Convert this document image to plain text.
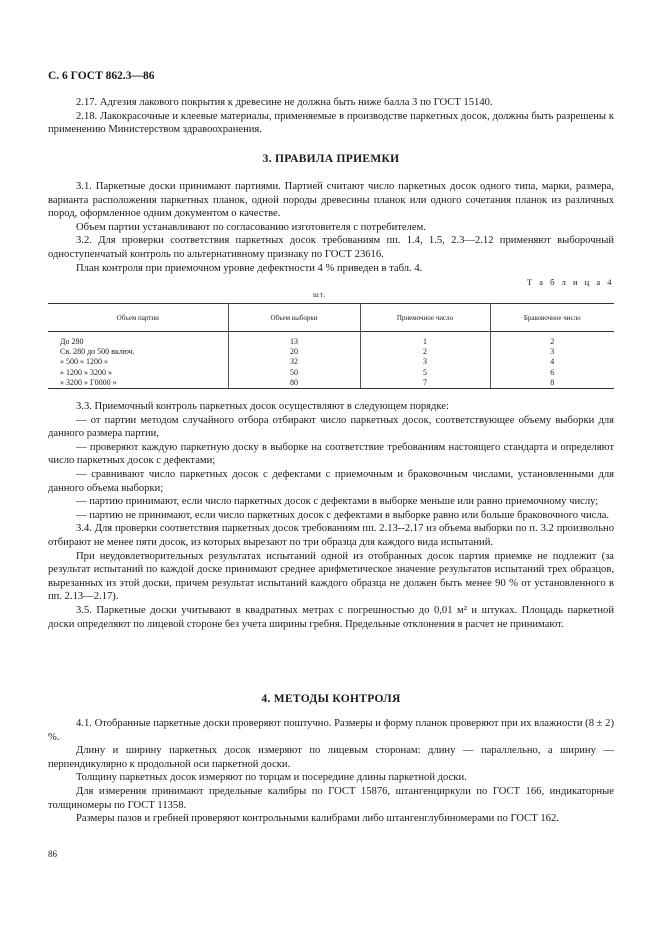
С. 6 ГОСТ 862.3—86

2.17. Адгезия лакового покрытия к древесине не должна быть ниже балла 3 по ГОСТ 15140.

2.18. Лакокрасочные и клеевые материалы, применяемые в производстве паркетных досок, должны быть разрешены к применению Министерством здравоохранения.

3. ПРАВИЛА ПРИЕМКИ

3.1. Паркетные доски принимают партиями. Партией считают число паркетных досок одного типа, марки, размера, варианта расположения паркетных планок, одной породы древесины планок или одного сочетания планок из различных пород, оформленное одним документом о качестве.

Объем партии устанавливают по согласованию изготовителя с потребителем.

3.2. Для проверки соответствия паркетных досок требованиям пп. 1.4, 1.5, 2.3—2.12 применяют выборочный одноступенчатый контроль по альтернативному признаку по ГОСТ 23616.

План контроля при приемочном уровне дефектности 4 % приведен в табл. 4.

Т а б л и ц а 4
шт.
Объем партии	Объем выборки	Приемочное число	Браковочное число
До 280	13	1	2
Св. 280 до 500 включ.	20	2	3
» 500 » 1200 »	32	3	4
» 1200 » 3200 »	50	5	6
» 3200 » Г0000 »	80	7	8

3.3. Приемочный контроль паркетных досок осуществляют в следующем порядке:

— от партии методом случайного отбора отбирают число паркетных досок, соответствующее объему выборки для данного размера партии,

— проверяют каждую паркетную доску в выборке на соответствие требованиям настоящего стандарта и определяют число паркетных досок с дефектами;

— сравнивают число паркетных досок с дефектами с приемочным и браковочным числами, установленными для данного объема выборки;

— партию принимают, если число паркетных досок с дефектами в выборке меньше или равно приемочному числу;

— партию не принимают, если число паркетных досок с дефектами в выборке равно или больше браковочного числа.

3.4. Для проверки соответствия паркетных досок требованиям пп. 2.13--2.17 из объема выборки по п. 3.2 произвольно отбирают не менее пяти досок, из которых вырезают по три образца для каждого вида испытаний.

При неудовлетворительных результатах испытаний одной из отобранных досок партия приемке не подлежит (за результат испытаний по каждой доске принимают среднее арифметическое значение результатов испытаний трех образцов, вырезанных из этой доски, причем результат испытаний каждого образца не должен быть менее 90 % от установленного в пп. 2.13—2.17).

3.5. Паркетные доски учитывают в квадратных метрах с погрешностью до 0,01 м² и штуках. Площадь паркетной доски определяют по лицевой стороне без учета ширины гребня. Предельные отклонения в расчет не принимают.

4. МЕТОДЫ КОНТРОЛЯ

4.1. Отобранные паркетные доски проверяют поштучно. Размеры и форму планок проверяют при их влажности (8 ± 2) %.

Длину и ширину паркетных досок измеряют по лицевым сторонам: длину — параллельно, а ширину — перпендикулярно к продольной оси паркетной доски.

Толщину паркетных досок измеряют по торцам и посередине длины паркетной доски.

Для измерения принимают предельные калибры по ГОСТ 15876, штангенциркули по ГОСТ 166, индикаторные толщиномеры по ГОСТ 11358.

Размеры пазов и гребней проверяют контрольными калибрами либо штангенглубиномерами по ГОСТ 162.

86
